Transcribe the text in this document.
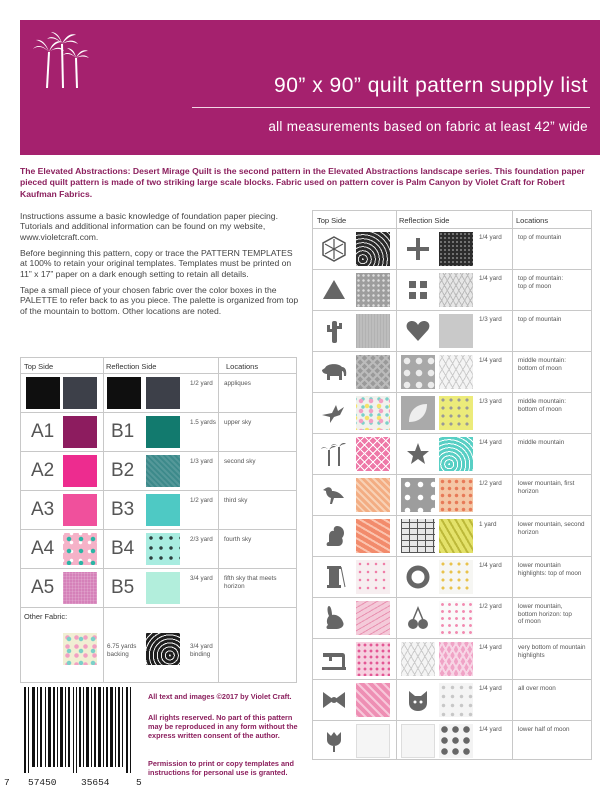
90” x 90” quilt pattern supply list
all measurements based on fabric at least 42” wide
The Elevated Abstractions: Desert Mirage Quilt is the second pattern in the Elevated Abstractions landscape series. This foundation paper pieced quilt pattern is made of two striking large scale blocks. Fabric used on pattern cover is Palm Canyon by Violet Craft for Robert Kaufman Fabrics.
Instructions assume a basic knowledge of foundation paper piecing. Tutorials and additional information can be found on my website, www.violetcraft.com.
Before beginning this pattern, copy or trace the PATTERN TEMPLATES at 100% to retain your original templates. Templates must be printed on 11” x 17” paper on a dark enough setting to retain all details.
Tape a small piece of your chosen fabric over the color boxes in the PALETTE to refer back to as you piece. The palette is organized from top of the mountain to bottom. Other locations are noted.
Top Side	Reflection Side	Locations
1/2 yard	appliques
A1	B1	1.5 yards	upper sky
A2	B2	1/3 yard	second sky
A3	B3	1/2 yard	third sky
A4	B4	2/3 yard	fourth sky
A5	B5	3/4 yard	fifth sky that meets horizon
Other Fabric:
6.75 yards backing
3/4 yard binding
Top Side	Reflection Side	Locations
1/4 yard	top of mountain
1/4 yard	top of mountain: top of moon
1/3 yard	top of mountain
1/4 yard	middle mountain: bottom of moon
1/3 yard	middle mountain: bottom of moon
1/4 yard	middle mountain
1/2 yard	lower mountain, first horizon
1 yard	lower mountain, second horizon
1/4 yard	lower mountain highlights: top of moon
1/2 yard	lower mountain, bottom horizon: top of moon
1/4 yard	very bottom of mountain highlights
1/4 yard	all over moon
1/4 yard	lower half of moon
7 57450	35654	5
All text and images ©2017 by Violet Craft.
All rights reserved. No part of this pattern may be reproduced in any form without the express written consent of the author.
Permission to print or copy templates and instructions for personal use is granted.
